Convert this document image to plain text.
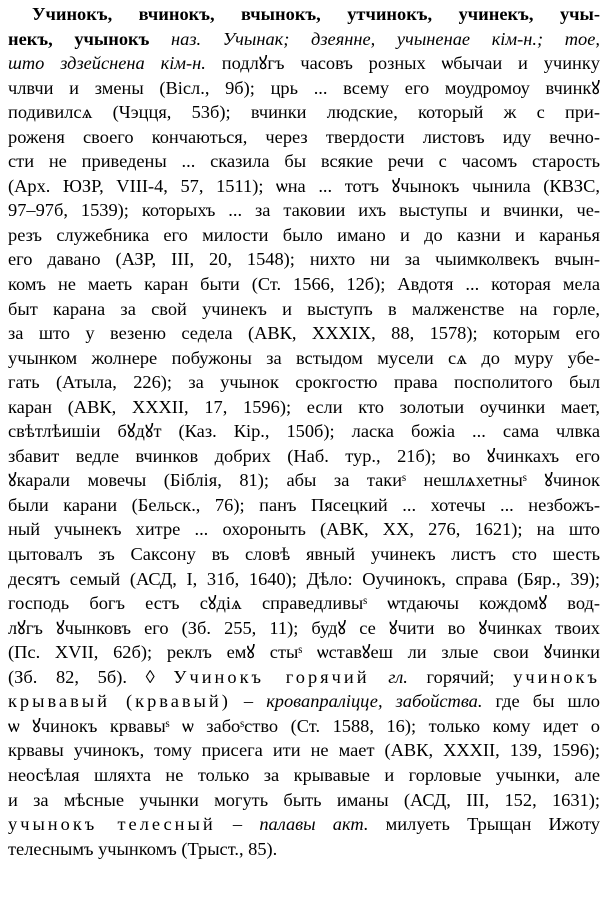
Учинокъ, вчинокъ, вчынокъ, утчинокъ, учинекъ, учы-
некъ, учынокъ наз. Учынак; дзеянне, учыненае кім-н.; тое,
што здзейснена кім-н. подлꙋгъ часовъ розных ѡбычаи и учинкy
члвчи и змены (Вісл., 9б); црь ... всему его моудромоу вчинкꙋ
подивилсѧ (Чэцця, 53б); вчинки людские, который ж с при-
роженя своего кончаються, через твердости листовъ иду вечно-
сти не приведены ... сказила бы всякие речи с часомъ старость
(Арх. ЮЗР, VIII-4, 57, 1511); ѡна ... тотъ ꙋчынокъ чынила (КВЗС,
97–97б, 1539); которыхъ ... за таковии ихъ выступы и вчинки, че-
резъ служебника его милости было имано и до казни и каранья
его давано (АЗР, III, 20, 1548); нихто ни за чыимколвекъ вчын-
комъ не маеть каран быти (Ст. 1566, 12б); Авдотя ... которая мела
быт карана за свой учинекъ и выступъ в малженстве на горле,
за што у везеню седела (АВК, XXXIX, 88, 1578); которым его
учынком жолнере побужоны за встыдом мусели сѧ до муру убе-
гать (Атыла, 226); за учынок срокгостю права посполитого был
каран (АВК, XXXII, 17, 1596); если кто золотыи оучинки мает,
свѣтлѣишіи бꙋдꙋт (Каз. Кір., 150б); ласка божіа ... сама члвка
збавит ведле вчинков добрих (Наб. тур., 21б); во ꙋчинкахъ его
ꙋкарали мовечы (Біблія, 81); абы за такиˢ нешлѧхетныˢ ꙋчинок
были карани (Бельск., 76); панъ Пясецкий ... хотечы ... незбожъ-
ный учынекъ хитре ... охороныть (АВК, XX, 276, 1621); на што
цытовалъ зъ Саксону въ словѣ явный учинекъ листъ сто шесть
десятъ семый (АСД, I, 31б, 1640); Дѣло: Оучинокъ, справа (Бяр., 39);
господь богъ естъ сꙋдіѧ справедливыˢ ѡтдаючы кождомꙋ вод-
лꙋгъ ꙋчынковъ его (Зб. 255, 11); будꙋ се ꙋчити во ꙋчинках твоих
(Пс. XVII, 62б); реклъ емꙋ стыˢ ѡставꙋеш ли злые свои ꙋчинки
(Зб. 82, 5б). ◊ Учинокъ горячий гл. горячий; учинокъ
крывавый (крвавый) – кровапраліцце, забойства. где бы шло
ѡ ꙋчинокъ крвавыˢ ѡ забоˢство (Ст. 1588, 16); только кому идет о
крвавы учинокъ, тому присега ити не мает (АВК, XXXII, 139, 1596);
неосѣлая шляхта не только за крывавые и горловые учынки, але
и за мѣсные учынки могуть быть иманы (АСД, III, 152, 1631);
учынокъ телесный – палавы акт. милуеть Трыщан Ижоту
телеснымъ учынкомъ (Трыст., 85).
